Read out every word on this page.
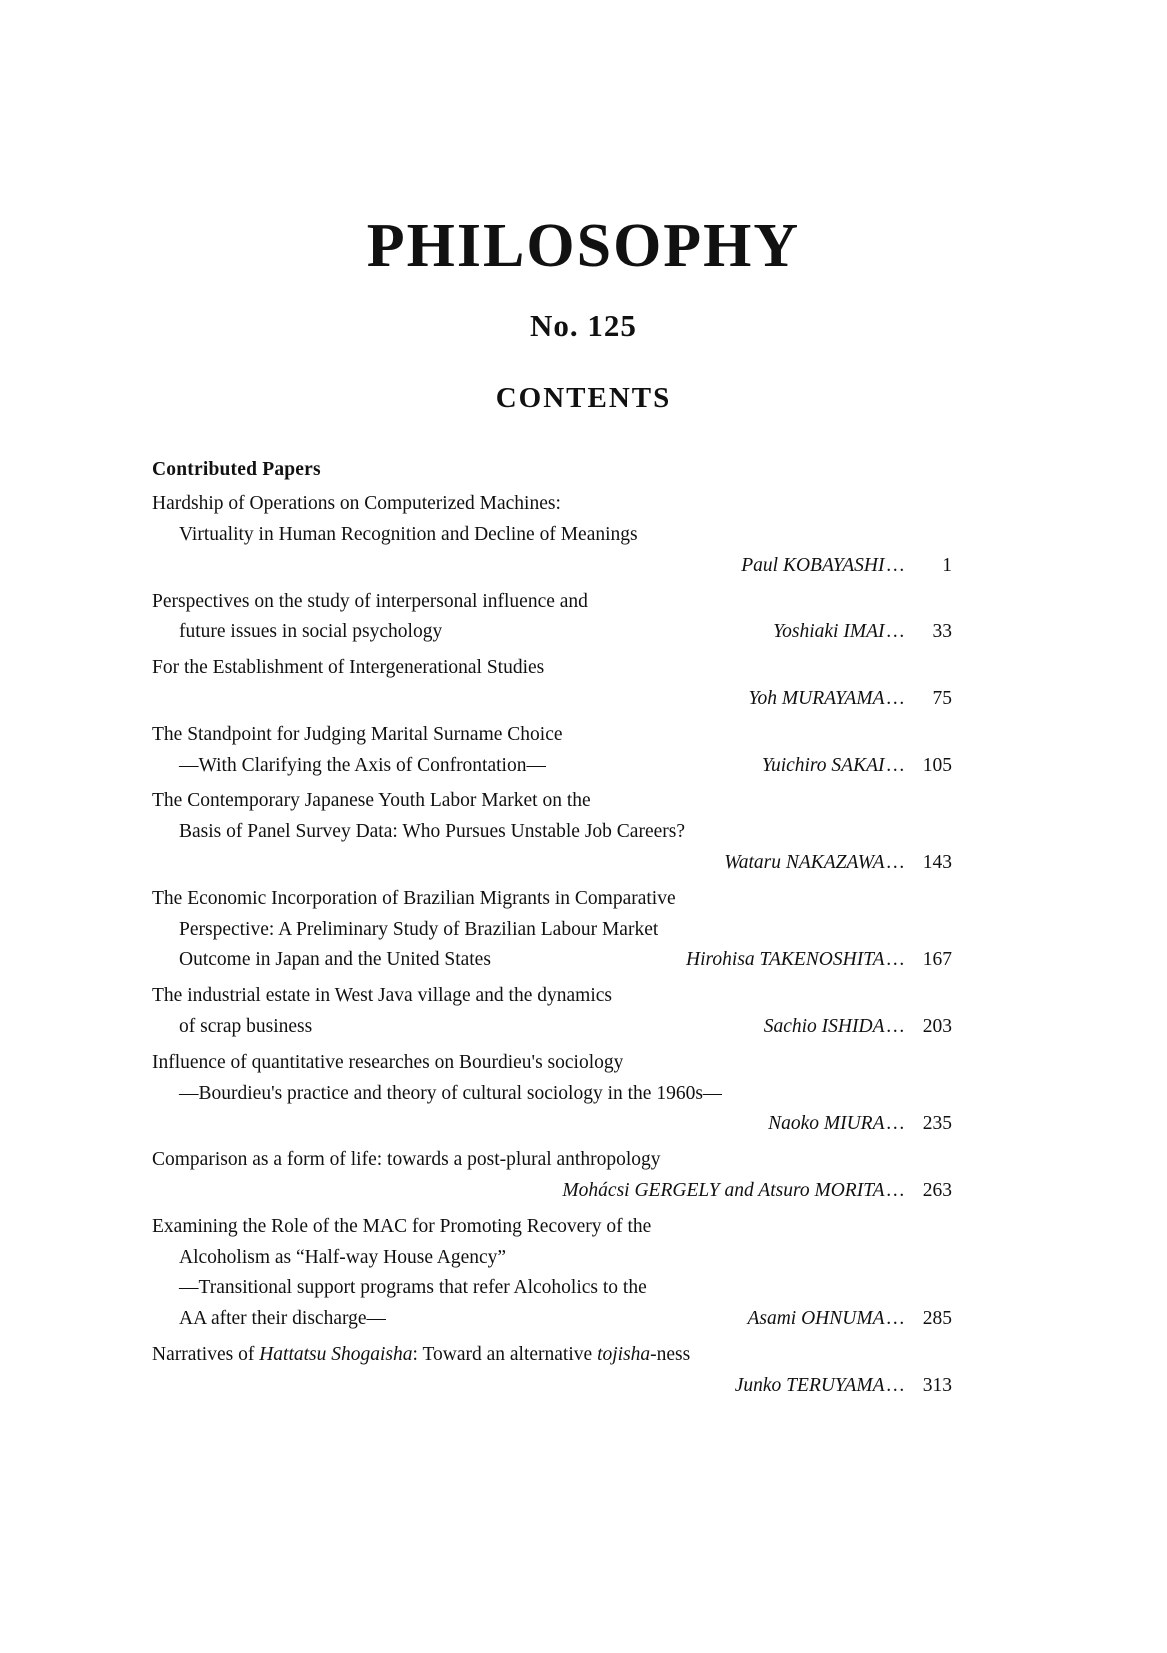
PHILOSOPHY
No. 125
CONTENTS
Contributed Papers
Hardship of Operations on Computerized Machines:
Virtuality in Human Recognition and Decline of Meanings
Paul KOBAYASHI …	1
Perspectives on the study of interpersonal influence and
future issues in social psychology	Yoshiaki IMAI …	33
For the Establishment of Intergenerational Studies
Yoh MURAYAMA …	75
The Standpoint for Judging Marital Surname Choice
—With Clarifying the Axis of Confrontation—	Yuichiro SAKAI … 105
The Contemporary Japanese Youth Labor Market on the
Basis of Panel Survey Data: Who Pursues Unstable Job Careers?
Wataru NAKAZAWA … 143
The Economic Incorporation of Brazilian Migrants in Comparative
Perspective: A Preliminary Study of Brazilian Labour Market
Outcome in Japan and the United States	Hirohisa TAKENOSHITA … 167
The industrial estate in West Java village and the dynamics
of scrap business	Sachio ISHIDA … 203
Influence of quantitative researches on Bourdieu's sociology
—Bourdieu's practice and theory of cultural sociology in the 1960s—
Naoko MIURA … 235
Comparison as a form of life: towards a post-plural anthropology
Mohácsi GERGELY and Atsuro MORITA … 263
Examining the Role of the MAC for Promoting Recovery of the
Alcoholism as “Half-way House Agency”
—Transitional support programs that refer Alcoholics to the
AA after their discharge—	Asami OHNUMA … 285
Narratives of Hattatsu Shogaisha: Toward an alternative tojisha-ness
Junko TERUYAMA … 313
